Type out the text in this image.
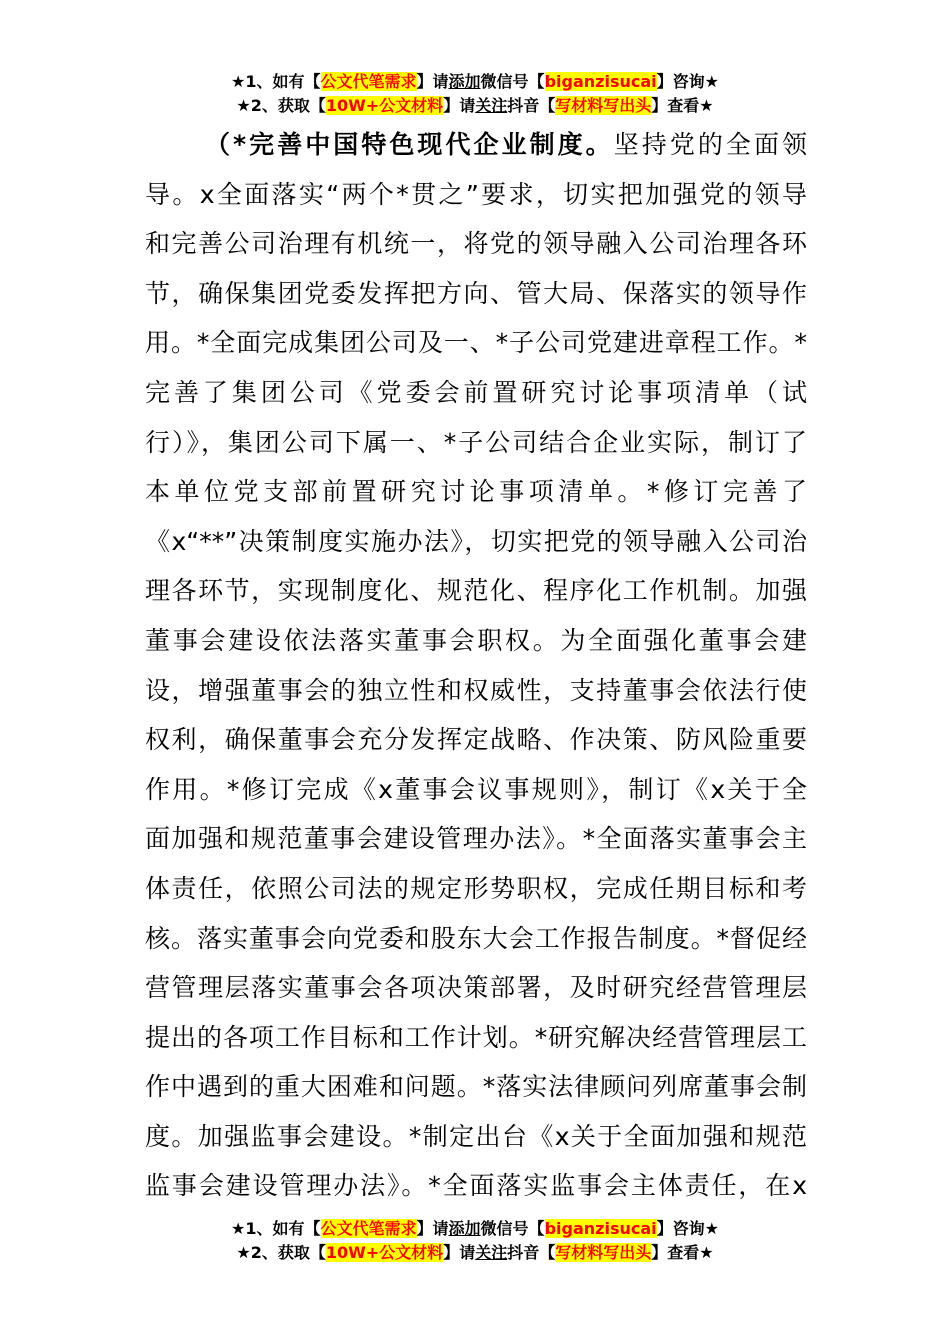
★1、如有【公文代笔需求】请添加微信号【biganzisucai】咨询★
★2、获取【10W+公文材料】请关注抖音【写材料写出头】查看★
（*完善中国特色现代企业制度。坚持党的全面领
导。x全面落实“两个*贯之”要求，切实把加强党的领导
和完善公司治理有机统一，将党的领导融入公司治理各环
节，确保集团党委发挥把方向、管大局、保落实的领导作
用。*全面完成集团公司及一、*子公司党建进章程工作。*
完善了集团公司《党委会前置研究讨论事项清单（试
行）》，集团公司下属一、*子公司结合企业实际，制订了
本单位党支部前置研究讨论事项清单。*修订完善了
《x“**”决策制度实施办法》，切实把党的领导融入公司治
理各环节，实现制度化、规范化、程序化工作机制。加强
董事会建设依法落实董事会职权。为全面强化董事会建
设，增强董事会的独立性和权威性，支持董事会依法行使
权利，确保董事会充分发挥定战略、作决策、防风险重要
作用。*修订完成《x董事会议事规则》，制订《x关于全
面加强和规范董事会建设管理办法》。*全面落实董事会主
体责任，依照公司法的规定形势职权，完成任期目标和考
核。落实董事会向党委和股东大会工作报告制度。*督促经
营管理层落实董事会各项决策部署，及时研究经营管理层
提出的各项工作目标和工作计划。*研究解决经营管理层工
作中遇到的重大困难和问题。*落实法律顾问列席董事会制
度。加强监事会建设。*制定出台《x关于全面加强和规范
监事会建设管理办法》。*全面落实监事会主体责任，在x
★1、如有【公文代笔需求】请添加微信号【biganzisucai】咨询★
★2、获取【10W+公文材料】请关注抖音【写材料写出头】查看★
